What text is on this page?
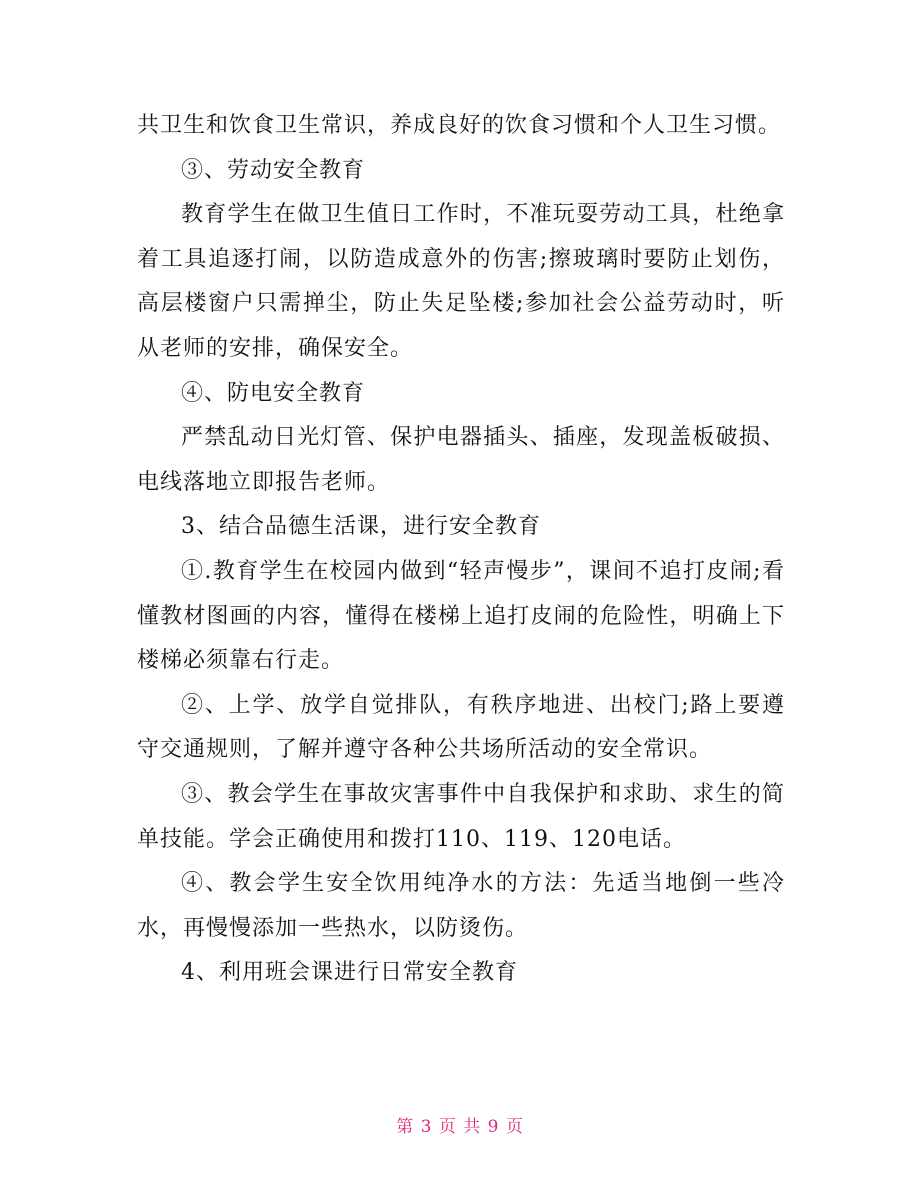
共卫生和饮食卫生常识，养成良好的饮食习惯和个人卫生习惯。

③、劳动安全教育

教育学生在做卫生值日工作时，不准玩耍劳动工具，杜绝拿着工具追逐打闹，以防造成意外的伤害;擦玻璃时要防止划伤，高层楼窗户只需掸尘，防止失足坠楼;参加社会公益劳动时，听从老师的安排，确保安全。

④、防电安全教育

严禁乱动日光灯管、保护电器插头、插座，发现盖板破损、电线落地立即报告老师。

3、结合品德生活课，进行安全教育

①.教育学生在校园内做到“轻声慢步”，课间不追打皮闹;看懂教材图画的内容，懂得在楼梯上追打皮闹的危险性，明确上下楼梯必须靠右行走。

②、上学、放学自觉排队，有秩序地进、出校门;路上要遵守交通规则，了解并遵守各种公共场所活动的安全常识。

③、教会学生在事故灾害事件中自我保护和求助、求生的简单技能。学会正确使用和拨打110、119、120电话。

④、教会学生安全饮用纯净水的方法：先适当地倒一些冷水，再慢慢添加一些热水，以防烫伤。

4、利用班会课进行日常安全教育

第 3 页 共 9 页
